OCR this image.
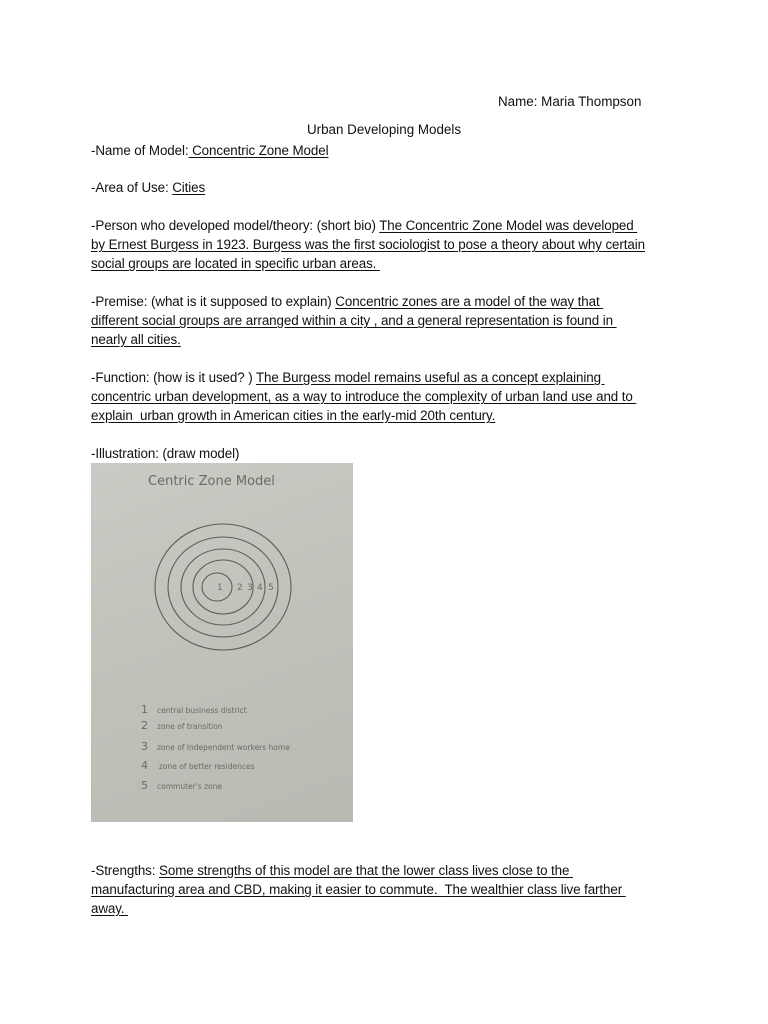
Name: Maria Thompson
Urban Developing Models
-Name of Model: Concentric Zone Model
-Area of Use: Cities
-Person who developed model/theory: (short bio) The Concentric Zone Model was developed
by Ernest Burgess in 1923. Burgess was the first sociologist to pose a theory about why certain
social groups are located in specific urban areas.
-Premise: (what is it supposed to explain) Concentric zones are a model of the way that
different social groups are arranged within a city , and a general representation is found in
nearly all cities.
-Function: (how is it used? ) The Burgess model remains useful as a concept explaining
concentric urban development, as a way to introduce the complexity of urban land use and to
explain  urban growth in American cities in the early-mid 20th century.
-Illustration: (draw model)
Centric Zone Model
1 2 3 4 5
1 central business district
2 zone of transition
3 zone of independent workers home
4 zone of better residences
5 commuter's zone
-Strengths: Some strengths of this model are that the lower class lives close to the
manufacturing area and CBD, making it easier to commute.  The wealthier class live farther
away.
